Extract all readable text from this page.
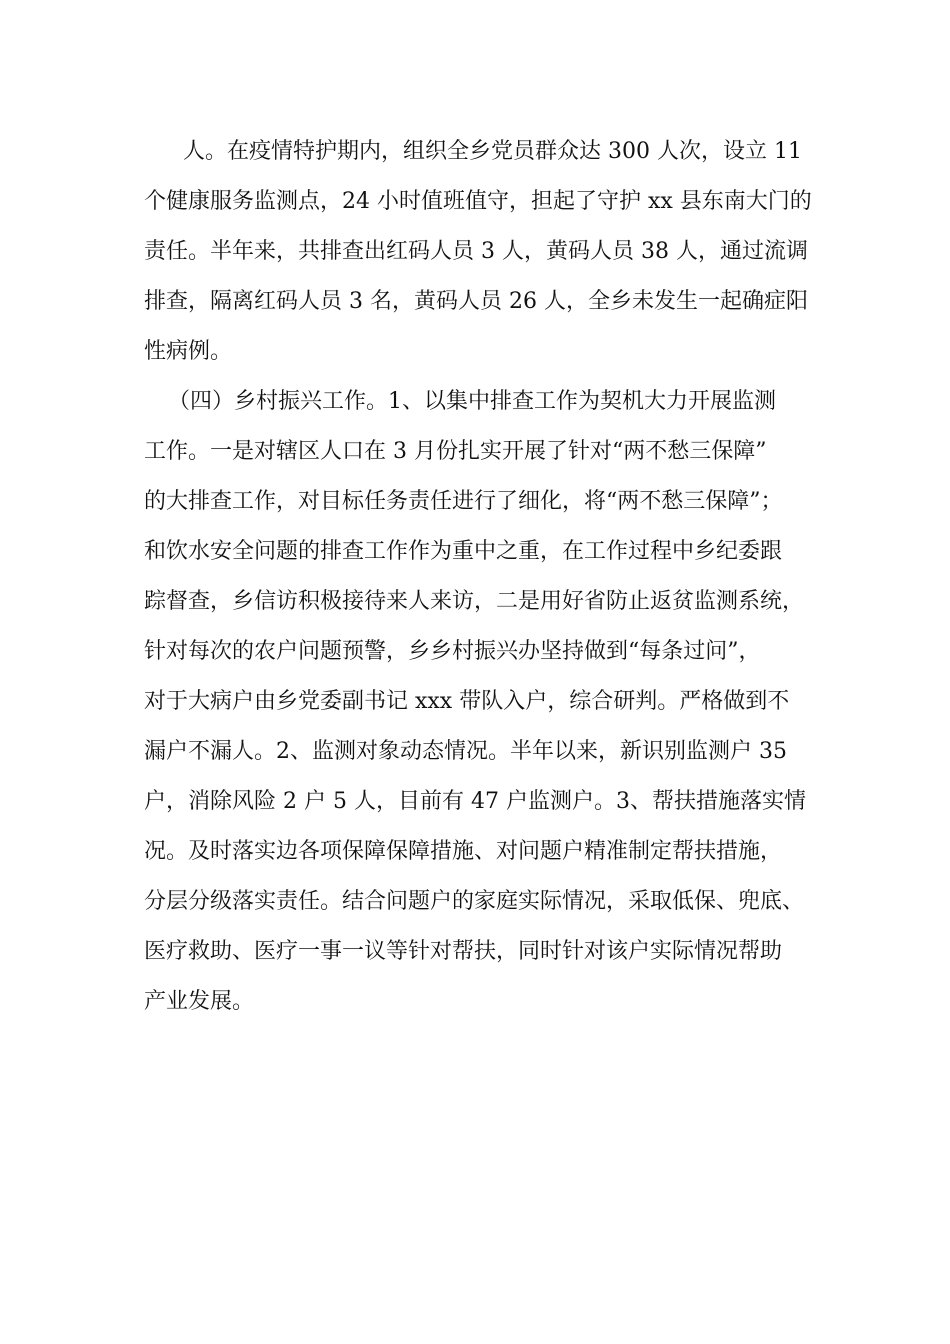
人。在疫情特护期内，组织全乡党员群众达 300 人次，设立 11
个健康服务监测点，24 小时值班值守，担起了守护 xx 县东南大门的
责任。半年来，共排查出红码人员 3 人，黄码人员 38 人，通过流调
排查，隔离红码人员 3 名，黄码人员 26 人，全乡未发生一起确症阳
性病例。
（四）乡村振兴工作。1、以集中排查工作为契机大力开展监测
工作。一是对辖区人口在 3 月份扎实开展了针对“两不愁三保障”
的大排查工作，对目标任务责任进行了细化，将“两不愁三保障”；
和饮水安全问题的排查工作作为重中之重，在工作过程中乡纪委跟
踪督查，乡信访积极接待来人来访，二是用好省防止返贫监测系统，
针对每次的农户问题预警，乡乡村振兴办坚持做到“每条过问”，
对于大病户由乡党委副书记 xxx 带队入户，综合研判。严格做到不
漏户不漏人。2、监测对象动态情况。半年以来，新识别监测户 35
户，消除风险 2 户 5 人，目前有 47 户监测户。3、帮扶措施落实情
况。及时落实边各项保障保障措施、对问题户精准制定帮扶措施，
分层分级落实责任。结合问题户的家庭实际情况，采取低保、兜底、
医疗救助、医疗一事一议等针对帮扶，同时针对该户实际情况帮助
产业发展。
